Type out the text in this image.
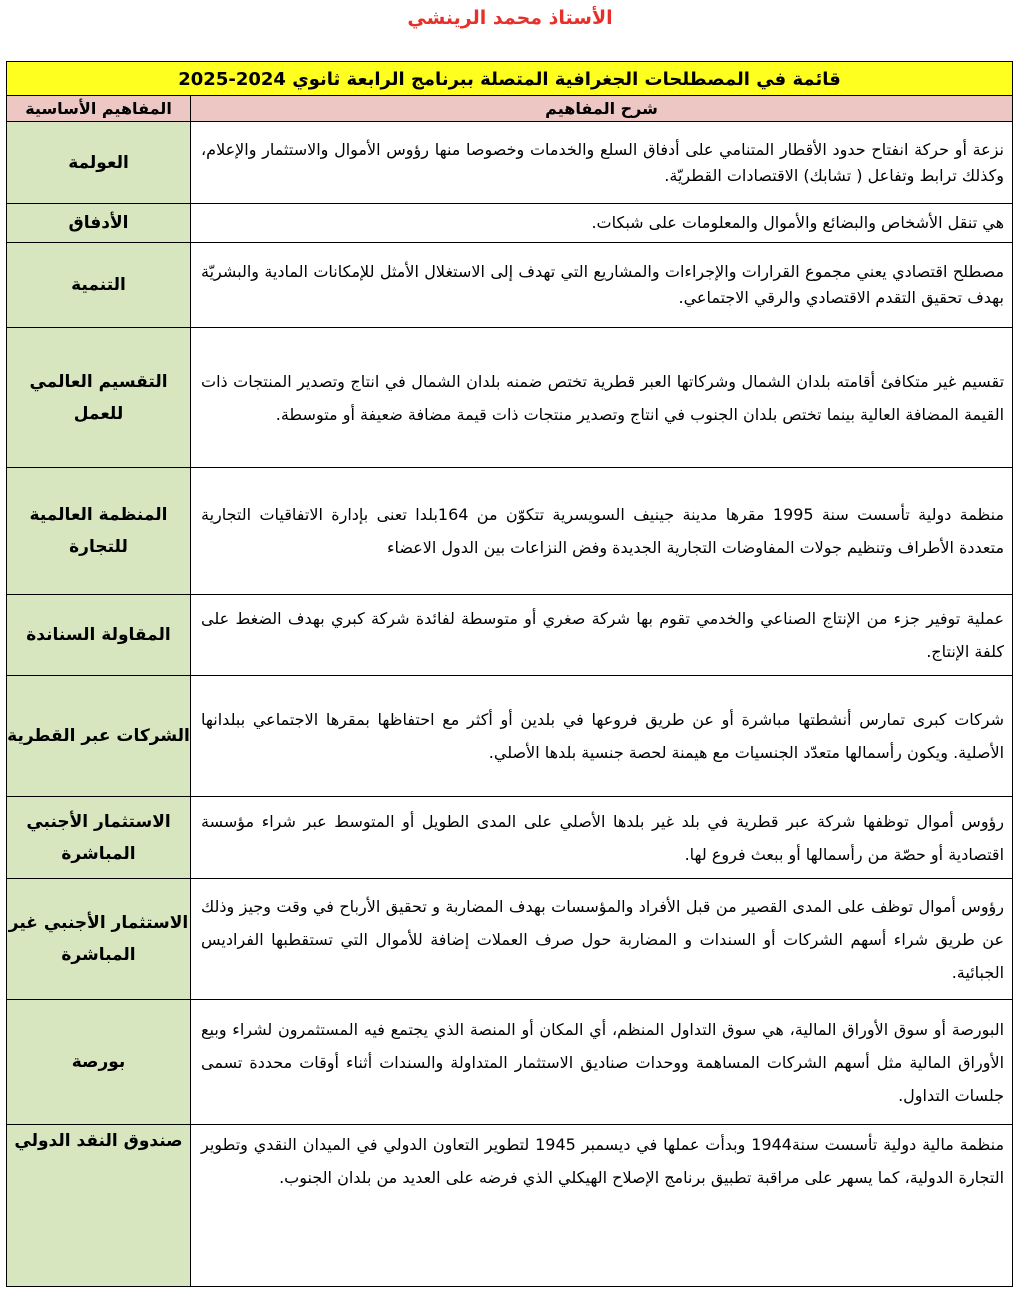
الأستاذ محمد الرينشي
قائمة في المصطلحات الجغرافية المتصلة ببرنامج الرابعة ثانوي 2024-2025	
شرح المفاهيم	المفاهيم الأساسية
نزعة أو حركة انفتاح حدود الأقطار المتنامي على أدفاق السلع والخدمات وخصوصا منها رؤوس الأموال والاستثمار والإعلام، وكذلك ترابط وتفاعل ( تشابك) الاقتصادات القطريّة.	العولمة
هي تنقل الأشخاص والبضائع والأموال والمعلومات على شبكات.	الأدفاق
مصطلح اقتصادي يعني مجموع القرارات والإجراءات والمشاريع التي تهدف إلى الاستغلال الأمثل للإمكانات المادية والبشريّة بهدف تحقيق التقدم الاقتصادي والرقي الاجتماعي.	التنمية
تقسيم غير متكافئ أقامته بلدان الشمال وشركاتها العبر قطرية تختص ضمنه بلدان الشمال في انتاج وتصدير المنتجات ذات القيمة المضافة العالية بينما تختص بلدان الجنوب في انتاج وتصدير منتجات ذات قيمة مضافة ضعيفة أو متوسطة.	التقسيم العالمي للعمل
منظمة دولية تأسست سنة 1995 مقرها مدينة جينيف السويسرية تتكوّن من 164بلدا تعنى بإدارة الاتفاقيات التجارية متعددة الأطراف وتنظيم جولات المفاوضات التجارية الجديدة وفض النزاعات بين الدول الاعضاء	المنظمة العالمية للتجارة
عملية توفير جزء من الإنتاج الصناعي والخدمي تقوم بها شركة صغري أو متوسطة لفائدة شركة كبري بهدف الضغط على كلفة الإنتاج.	المقاولة السناندة
شركات كبرى تمارس أنشطتها مباشرة أو عن طريق فروعها في بلدين أو أكثر مع احتفاظها بمقرها الاجتماعي ببلدانها الأصلية. ويكون رأسمالها متعدّد الجنسيات مع هيمنة لحصة جنسية بلدها الأصلي.	الشركات عبر القطرية
رؤوس أموال توظفها شركة عبر قطرية في بلد غير بلدها الأصلي على المدى الطويل أو المتوسط عبر شراء مؤسسة اقتصادية أو حصّة من رأسمالها أو ببعث فروع لها.	الاستثمار الأجنبي المباشرة
رؤوس أموال توظف على المدى القصير من قبل الأفراد والمؤسسات بهدف المضاربة و تحقيق الأرباح في وقت وجيز وذلك عن طريق شراء أسهم الشركات أو السندات و المضاربة حول صرف العملات إضافة للأموال التي تستقطبها الفراديس الجبائية.	الاستثمار الأجنبي غير المباشرة
البورصة أو سوق الأوراق المالية، هي سوق التداول المنظم، أي المكان أو المنصة الذي يجتمع فيه المستثمرون لشراء وبيع الأوراق المالية مثل أسهم الشركات المساهمة ووحدات صناديق الاستثمار المتداولة والسندات أثناء أوقات محددة تسمى جلسات التداول.	بورصة
منظمة مالية دولية تأسست سنة1944 وبدأت عملها في ديسمبر 1945 لتطوير التعاون الدولي في الميدان النقدي وتطوير التجارة الدولية، كما يسهر على مراقبة تطبيق برنامج الإصلاح الهيكلي الذي فرضه على العديد من بلدان الجنوب.	صندوق النقد الدولي
